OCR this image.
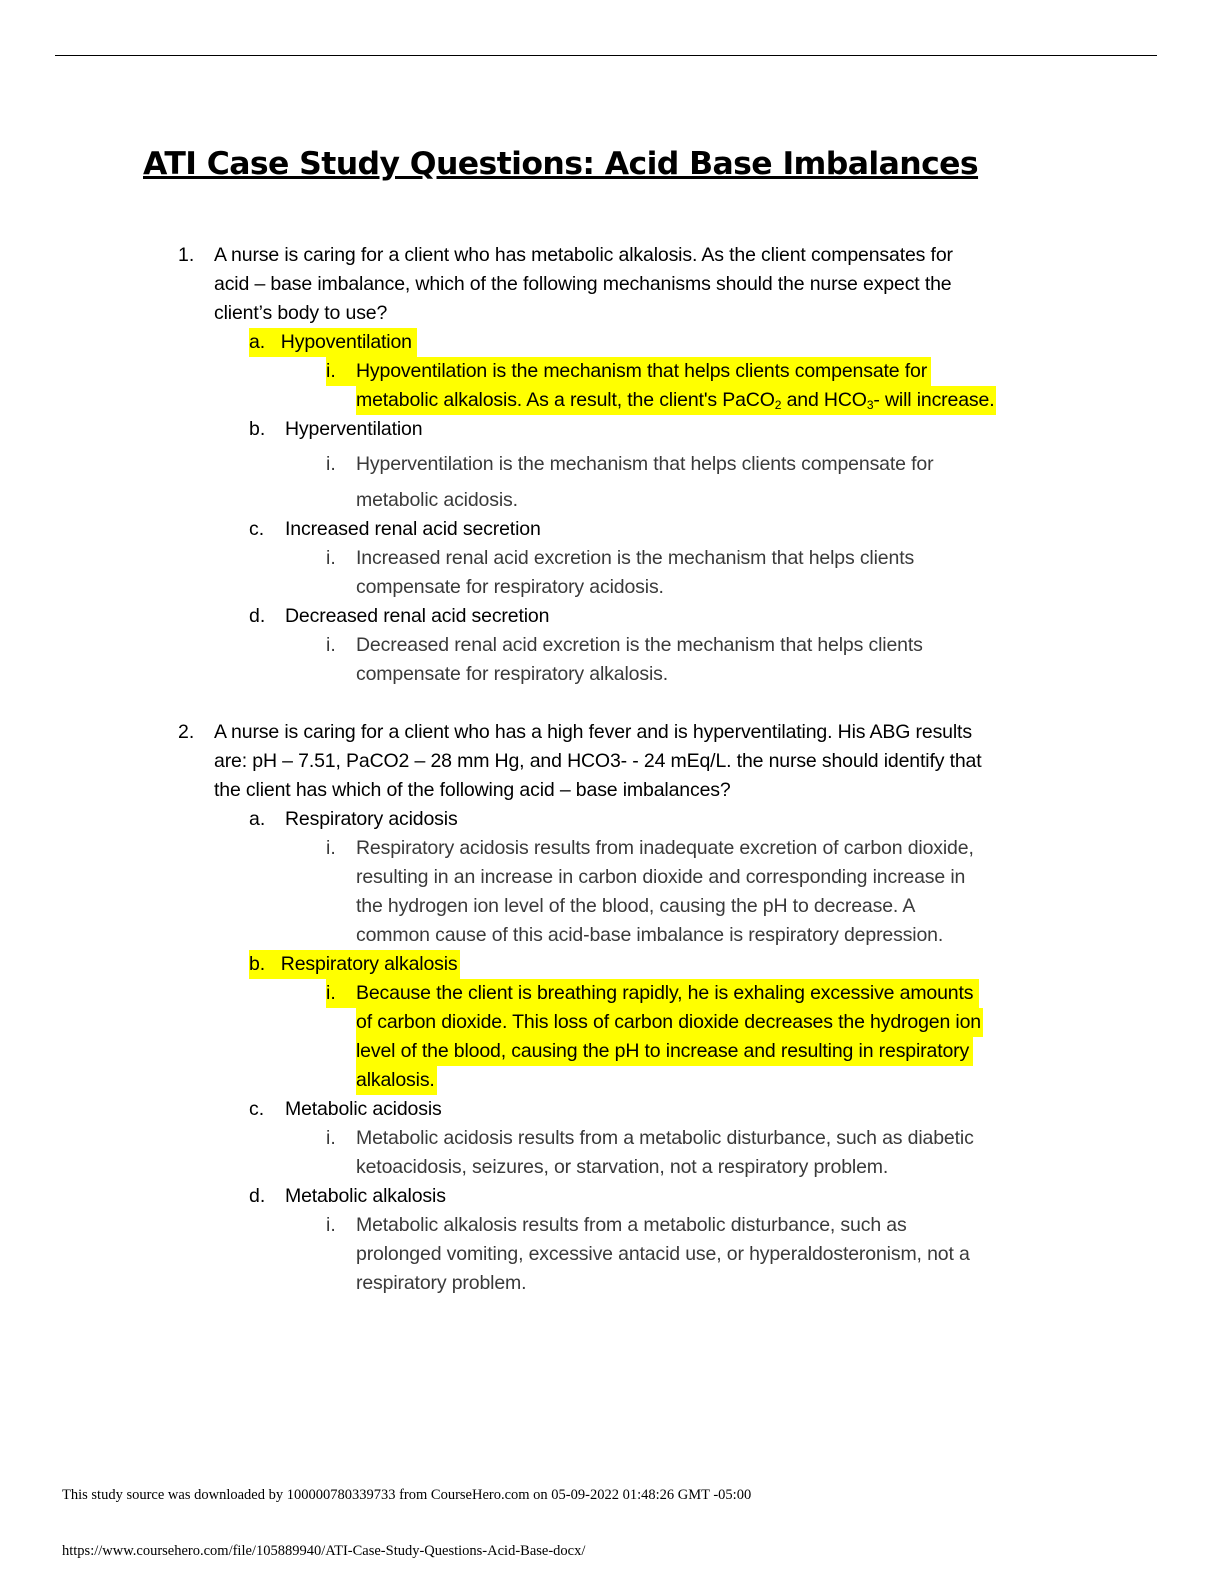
ATI Case Study Questions: Acid Base Imbalances
1. A nurse is caring for a client who has metabolic alkalosis. As the client compensates for
acid – base imbalance, which of the following mechanisms should the nurse expect the
client’s body to use?
a. Hypoventilation
i.	Hypoventilation is the mechanism that helps clients compensate for
metabolic alkalosis. As a result, the client's PaCO$_2$ and $HCO_3-$ will increase.
b. Hyperventilation
i. Hyperventilation is the mechanism that helps clients compensate for
metabolic acidosis.
c. Increased renal acid secretion
i. Increased renal acid excretion is the mechanism that helps clients
compensate for respiratory acidosis.
d. Decreased renal acid secretion
i. Decreased renal acid excretion is the mechanism that helps clients
compensate for respiratory alkalosis.
2. A nurse is caring for a client who has a high fever and is hyperventilating. His ABG results
are: pH – 7.51, PaCO2 – 28 mm Hg, and HCO3- - 24 mEq/L. the nurse should identify that
the client has which of the following acid – base imbalances?
a. Respiratory acidosis
i. Respiratory acidosis results from inadequate excretion of carbon dioxide,
resulting in an increase in carbon dioxide and corresponding increase in
the hydrogen ion level of the blood, causing the pH to decrease. A
common cause of this acid-base imbalance is respiratory depression.
b. Respiratory alkalosis
i.	Because the client is breathing rapidly, he is exhaling excessive amounts
of carbon dioxide. This loss of carbon dioxide decreases the hydrogen ion
level of the blood, causing the pH to increase and resulting in respiratory
alkalosis.
c. Metabolic acidosis
i. Metabolic acidosis results from a metabolic disturbance, such as diabetic
ketoacidosis, seizures, or starvation, not a respiratory problem.
d. Metabolic alkalosis
i. Metabolic alkalosis results from a metabolic disturbance, such as
prolonged vomiting, excessive antacid use, or hyperaldosteronism, not a
respiratory problem.
This study source was downloaded by 100000780339733 from CourseHero.com on 05-09-2022 01:48:26 GMT -05:00
https://www.coursehero.com/file/105889940/ATI-Case-Study-Questions-Acid-Base-docx/
